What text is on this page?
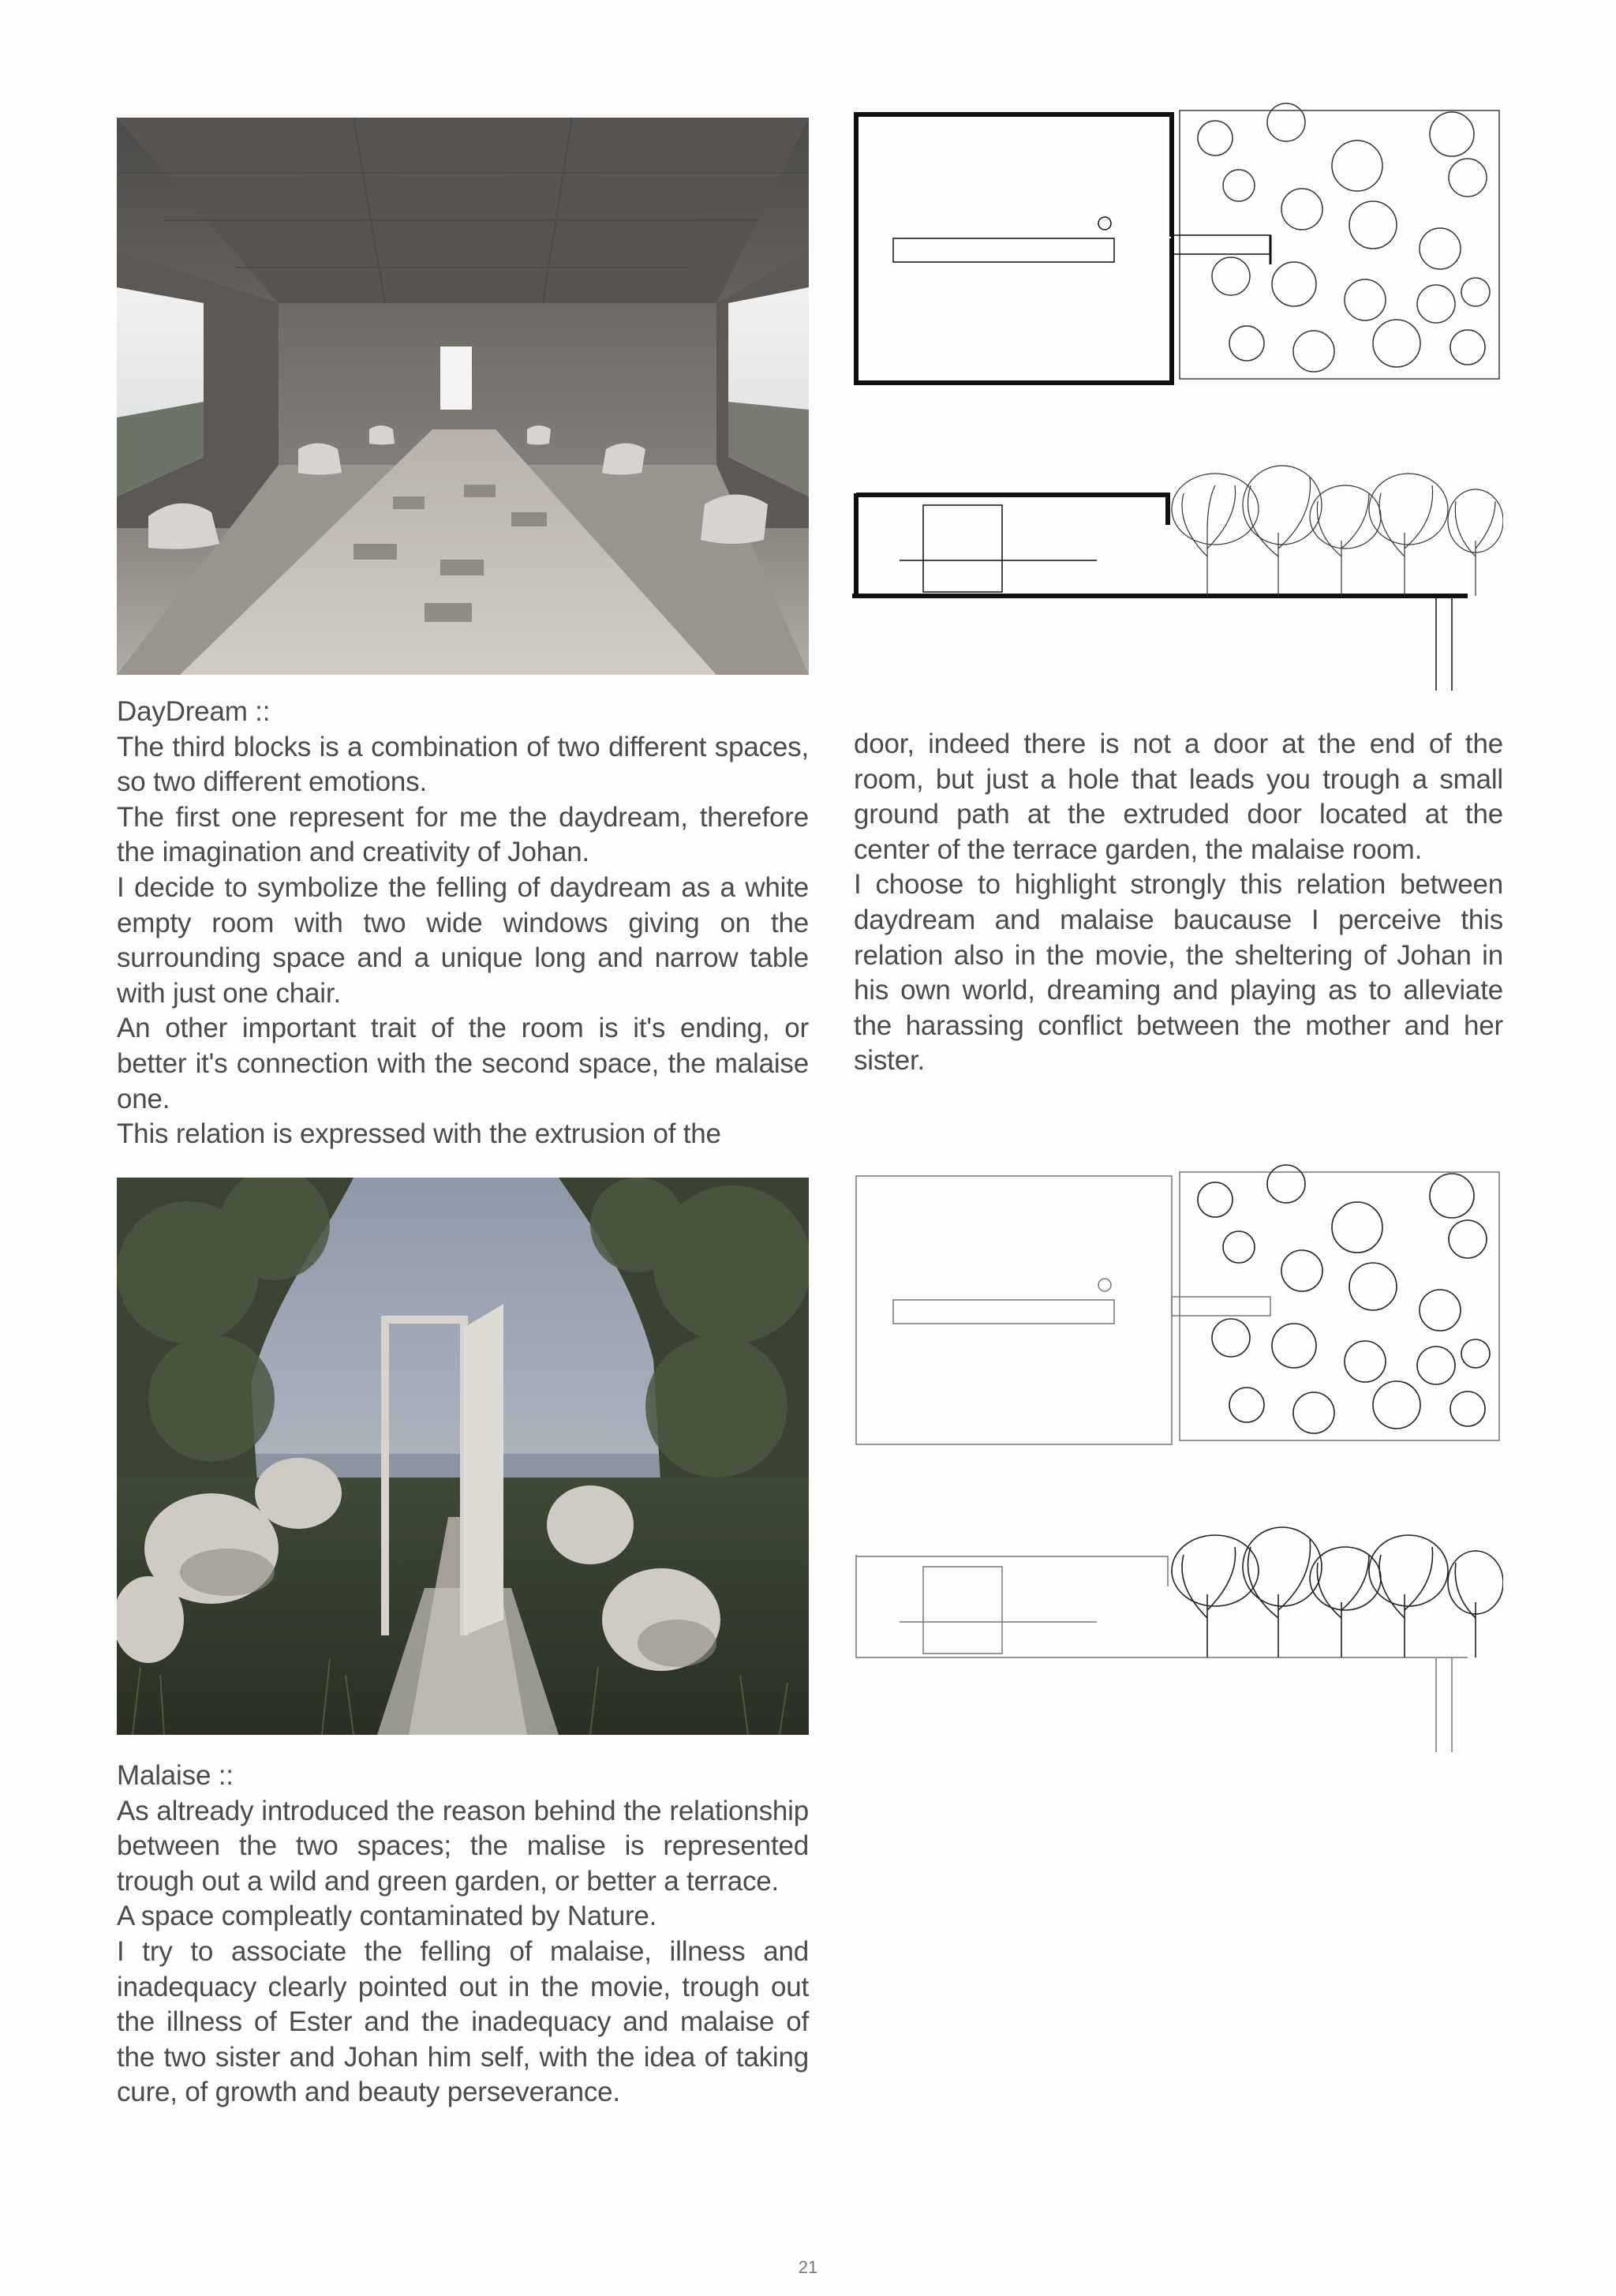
DayDream ::

The third blocks is a combination of two different spaces, so two different emotions.

The first one represent for me the daydream, therefore the imagination and creativity of Johan.

I decide to symbolize the felling of daydream as a white empty room with two wide windows giving on the surrounding space and a unique long and narrow table with just one chair.

An other important trait of the room is it's ending, or better it's connection with the second space, the malaise one.

This relation is expressed with the extrusion of the

door, indeed there is not a door at the end of the room, but just a hole that leads you trough a small ground path at the extruded door located at the center of the terrace garden, the malaise room.

I choose to highlight strongly this relation between daydream and malaise baucause I perceive this relation also in the movie, the sheltering of Johan in his own world, dreaming and playing as to alleviate the harassing conflict between the mother and her sister.

Malaise ::

As altready introduced the reason behind the relationship between the two spaces; the malise is represented trough out a wild and green garden, or better a terrace.

A space compleatly contaminated by Nature.

I try to associate the felling of malaise, illness and inadequacy clearly pointed out in the movie, trough out the illness of Ester and the inadequacy and malaise of the two sister and Johan him self, with the idea of taking cure, of growth and beauty perseverance.

21
